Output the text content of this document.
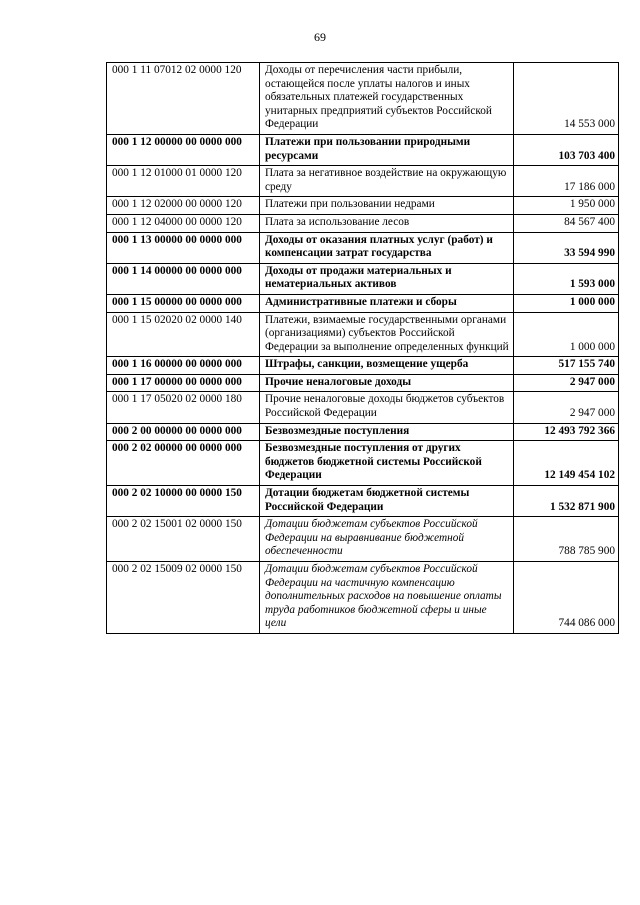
69
000 1 11 07012 02 0000 120	Доходы от перечисления части прибыли, остающейся после уплаты налогов и иных обязательных платежей государственных унитарных предприятий субъектов Российской Федерации	14 553 000
000 1 12 00000 00 0000 000	Платежи при пользовании природными ресурсами	103 703 400
000 1 12 01000 01 0000 120	Плата за негативное воздействие на окружающую среду	17 186 000
000 1 12 02000 00 0000 120	Платежи при пользовании недрами	1 950 000
000 1 12 04000 00 0000 120	Плата за использование лесов	84 567 400
000 1 13 00000 00 0000 000	Доходы от оказания платных услуг (работ) и компенсации затрат государства	33 594 990
000 1 14 00000 00 0000 000	Доходы от продажи материальных и нематериальных активов	1 593 000
000 1 15 00000 00 0000 000	Административные платежи и сборы	1 000 000
000 1 15 02020 02 0000 140	Платежи, взимаемые государственными органами (организациями) субъектов Российской Федерации за выполнение определенных функций	1 000 000
000 1 16 00000 00 0000 000	Штрафы, санкции, возмещение ущерба	517 155 740
000 1 17 00000 00 0000 000	Прочие неналоговые доходы	2 947 000
000 1 17 05020 02 0000 180	Прочие неналоговые доходы бюджетов субъектов Российской Федерации	2 947 000
000 2 00 00000 00 0000 000	Безвозмездные поступления	12 493 792 366
000 2 02 00000 00 0000 000	Безвозмездные поступления от других бюджетов бюджетной системы Российской Федерации	12 149 454 102
000 2 02 10000 00 0000 150	Дотации бюджетам бюджетной системы Российской Федерации	1 532 871 900
000 2 02 15001 02 0000 150	Дотации бюджетам субъектов Российской Федерации на выравнивание бюджетной обеспеченности	788 785 900
000 2 02 15009 02 0000 150	Дотации бюджетам субъектов Российской Федерации на частичную компенсацию дополнительных расходов на повышение оплаты труда работников бюджетной сферы и иные цели	744 086 000
